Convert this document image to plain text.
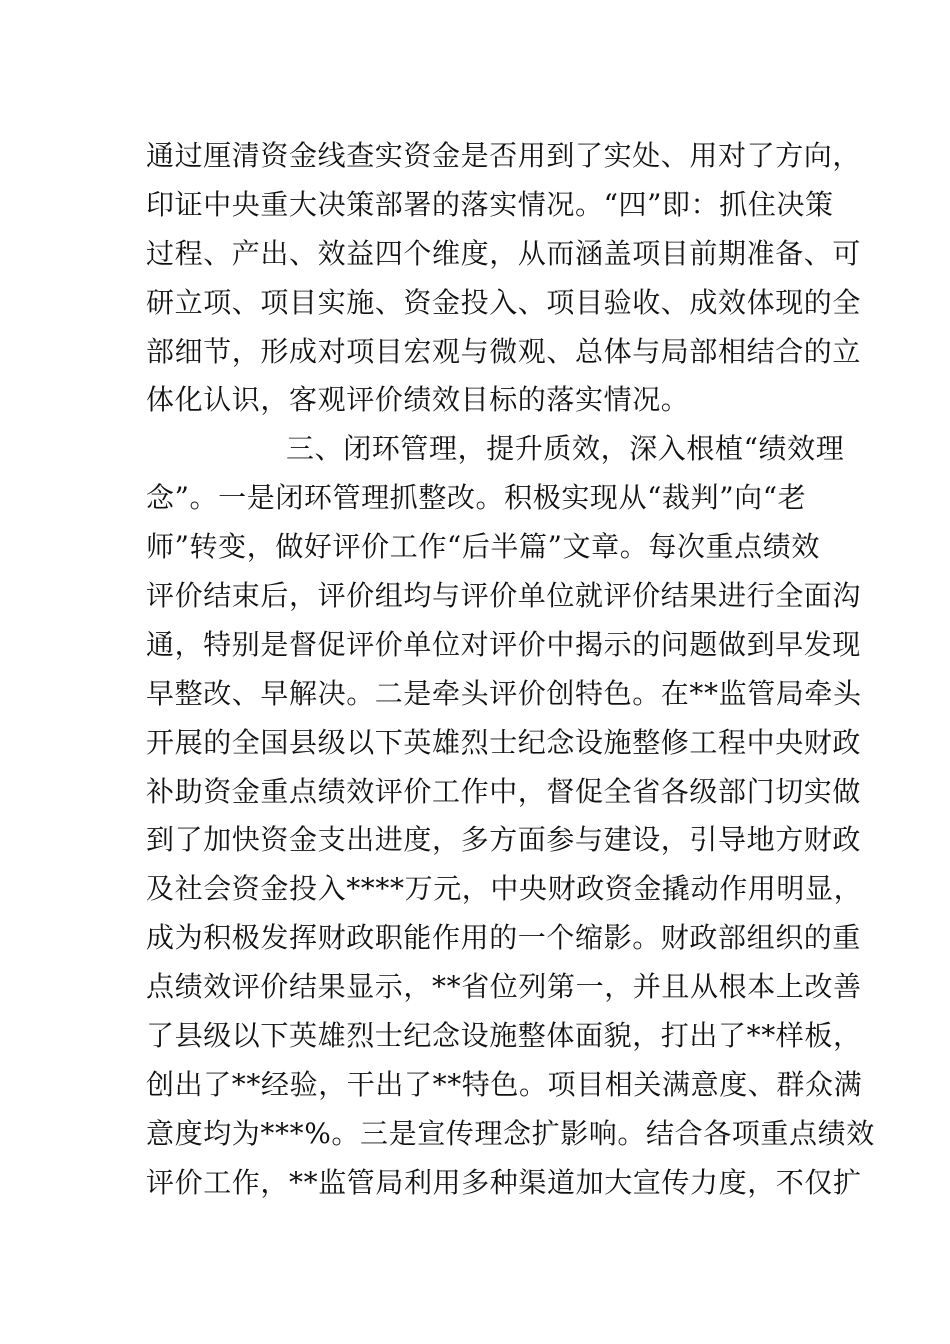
通过厘清资金线查实资金是否用到了实处、用对了方向，
印证中央重大决策部署的落实情况。“四”即：抓住决策
过程、产出、效益四个维度，从而涵盖项目前期准备、可
研立项、项目实施、资金投入、项目验收、成效体现的全
部细节，形成对项目宏观与微观、总体与局部相结合的立
体化认识，客观评价绩效目标的落实情况。
三、闭环管理，提升质效，深入根植“绩效理
念”。一是闭环管理抓整改。积极实现从“裁判”向“老
师”转变，做好评价工作“后半篇”文章。每次重点绩效
评价结束后，评价组均与评价单位就评价结果进行全面沟
通，特别是督促评价单位对评价中揭示的问题做到早发现
早整改、早解决。二是牵头评价创特色。在**监管局牵头
开展的全国县级以下英雄烈士纪念设施整修工程中央财政
补助资金重点绩效评价工作中，督促全省各级部门切实做
到了加快资金支出进度，多方面参与建设，引导地方财政
及社会资金投入****万元，中央财政资金撬动作用明显，
成为积极发挥财政职能作用的一个缩影。财政部组织的重
点绩效评价结果显示，**省位列第一，并且从根本上改善
了县级以下英雄烈士纪念设施整体面貌，打出了**样板，
创出了**经验，干出了**特色。项目相关满意度、群众满
意度均为***%。三是宣传理念扩影响。结合各项重点绩效
评价工作，**监管局利用多种渠道加大宣传力度，不仅扩
